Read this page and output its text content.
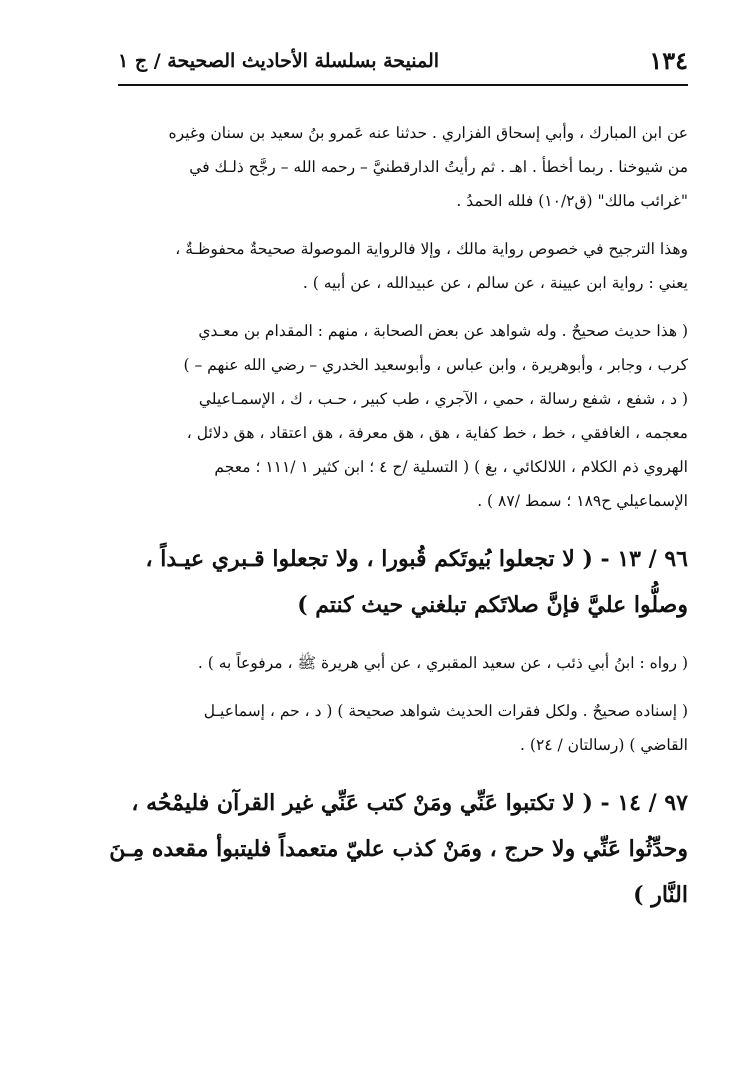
١٣٤
المنيحة بسلسلة الأحاديث الصحيحة / ج ١

عن ابن المبارك ، وأبي إسحاق الفزاري . حدثنا عنه عَمرو بنُ سعيد بن سنان وغيره
من شيوخنا . ربما أخطأ . اهـ . ثم رأيتُ الدارقطنيَّ – رحمه الله – رجَّح ذلـك في
"غرائب مالك" (ق١٠/٢) فلله الحمدُ .

وهذا الترجيح في خصوص رواية مالك ، وإلا فالرواية الموصولة صحيحةٌ محفوظـةٌ ،
يعني : رواية ابن عيينة ، عن سالم ، عن عبيدالله ، عن أبيه ) .

( هذا حديث صحيحٌ . وله شواهد عن بعض الصحابة ، منهم : المقدام بن معـدي
كرب ، وجابر ، وأبوهريرة ، وابن عباس ، وأبوسعيد الخدري – رضي الله عنهم – )
( د ، شفع ، شفع رسالة ، حمي ، الآجري ، طب كبير ، حـب ، ك ، الإسمـاعيلي
معجمه ، الغافقي ، خط ، خط كفاية ، هق ، هق معرفة ، هق اعتقاد ، هق دلائل ،
الهروي ذم الكلام ، اللالكائي ، بغ ) ( التسلية /ح ٤ ؛ ابن كثير ١ /١١١ ؛ معجم
الإسماعيلي ح١٨٩ ؛ سمط /٨٧ ) .

٩٦ / ١٣ - ( لا تجعلوا بُيوتَكم قُبورا ، ولا تجعلوا قـبري عيـداً ،
وصلُّوا عليَّ فإنَّ صلاتَكم تبلغني حيث كنتم )

( رواه : ابنُ أبي ذئب ، عن سعيد المقبري ، عن أبي هريرة ﷺ ، مرفوعاً به ) .

( إسناده صحيحٌ . ولكل فقرات الحديث شواهد صحيحة ) ( د ، حم ، إسماعيـل
القاضي ) (رسالتان / ٢٤) .

٩٧ / ١٤ - ( لا تكتبوا عَنِّي ومَنْ كتب عَنِّي غير القرآن فليمْحُه ،
وحدِّثُوا عَنِّي ولا حرج ، ومَنْ كذب عليّ متعمداً فليتبوأ مقعده مِـنَ
النَّار )
